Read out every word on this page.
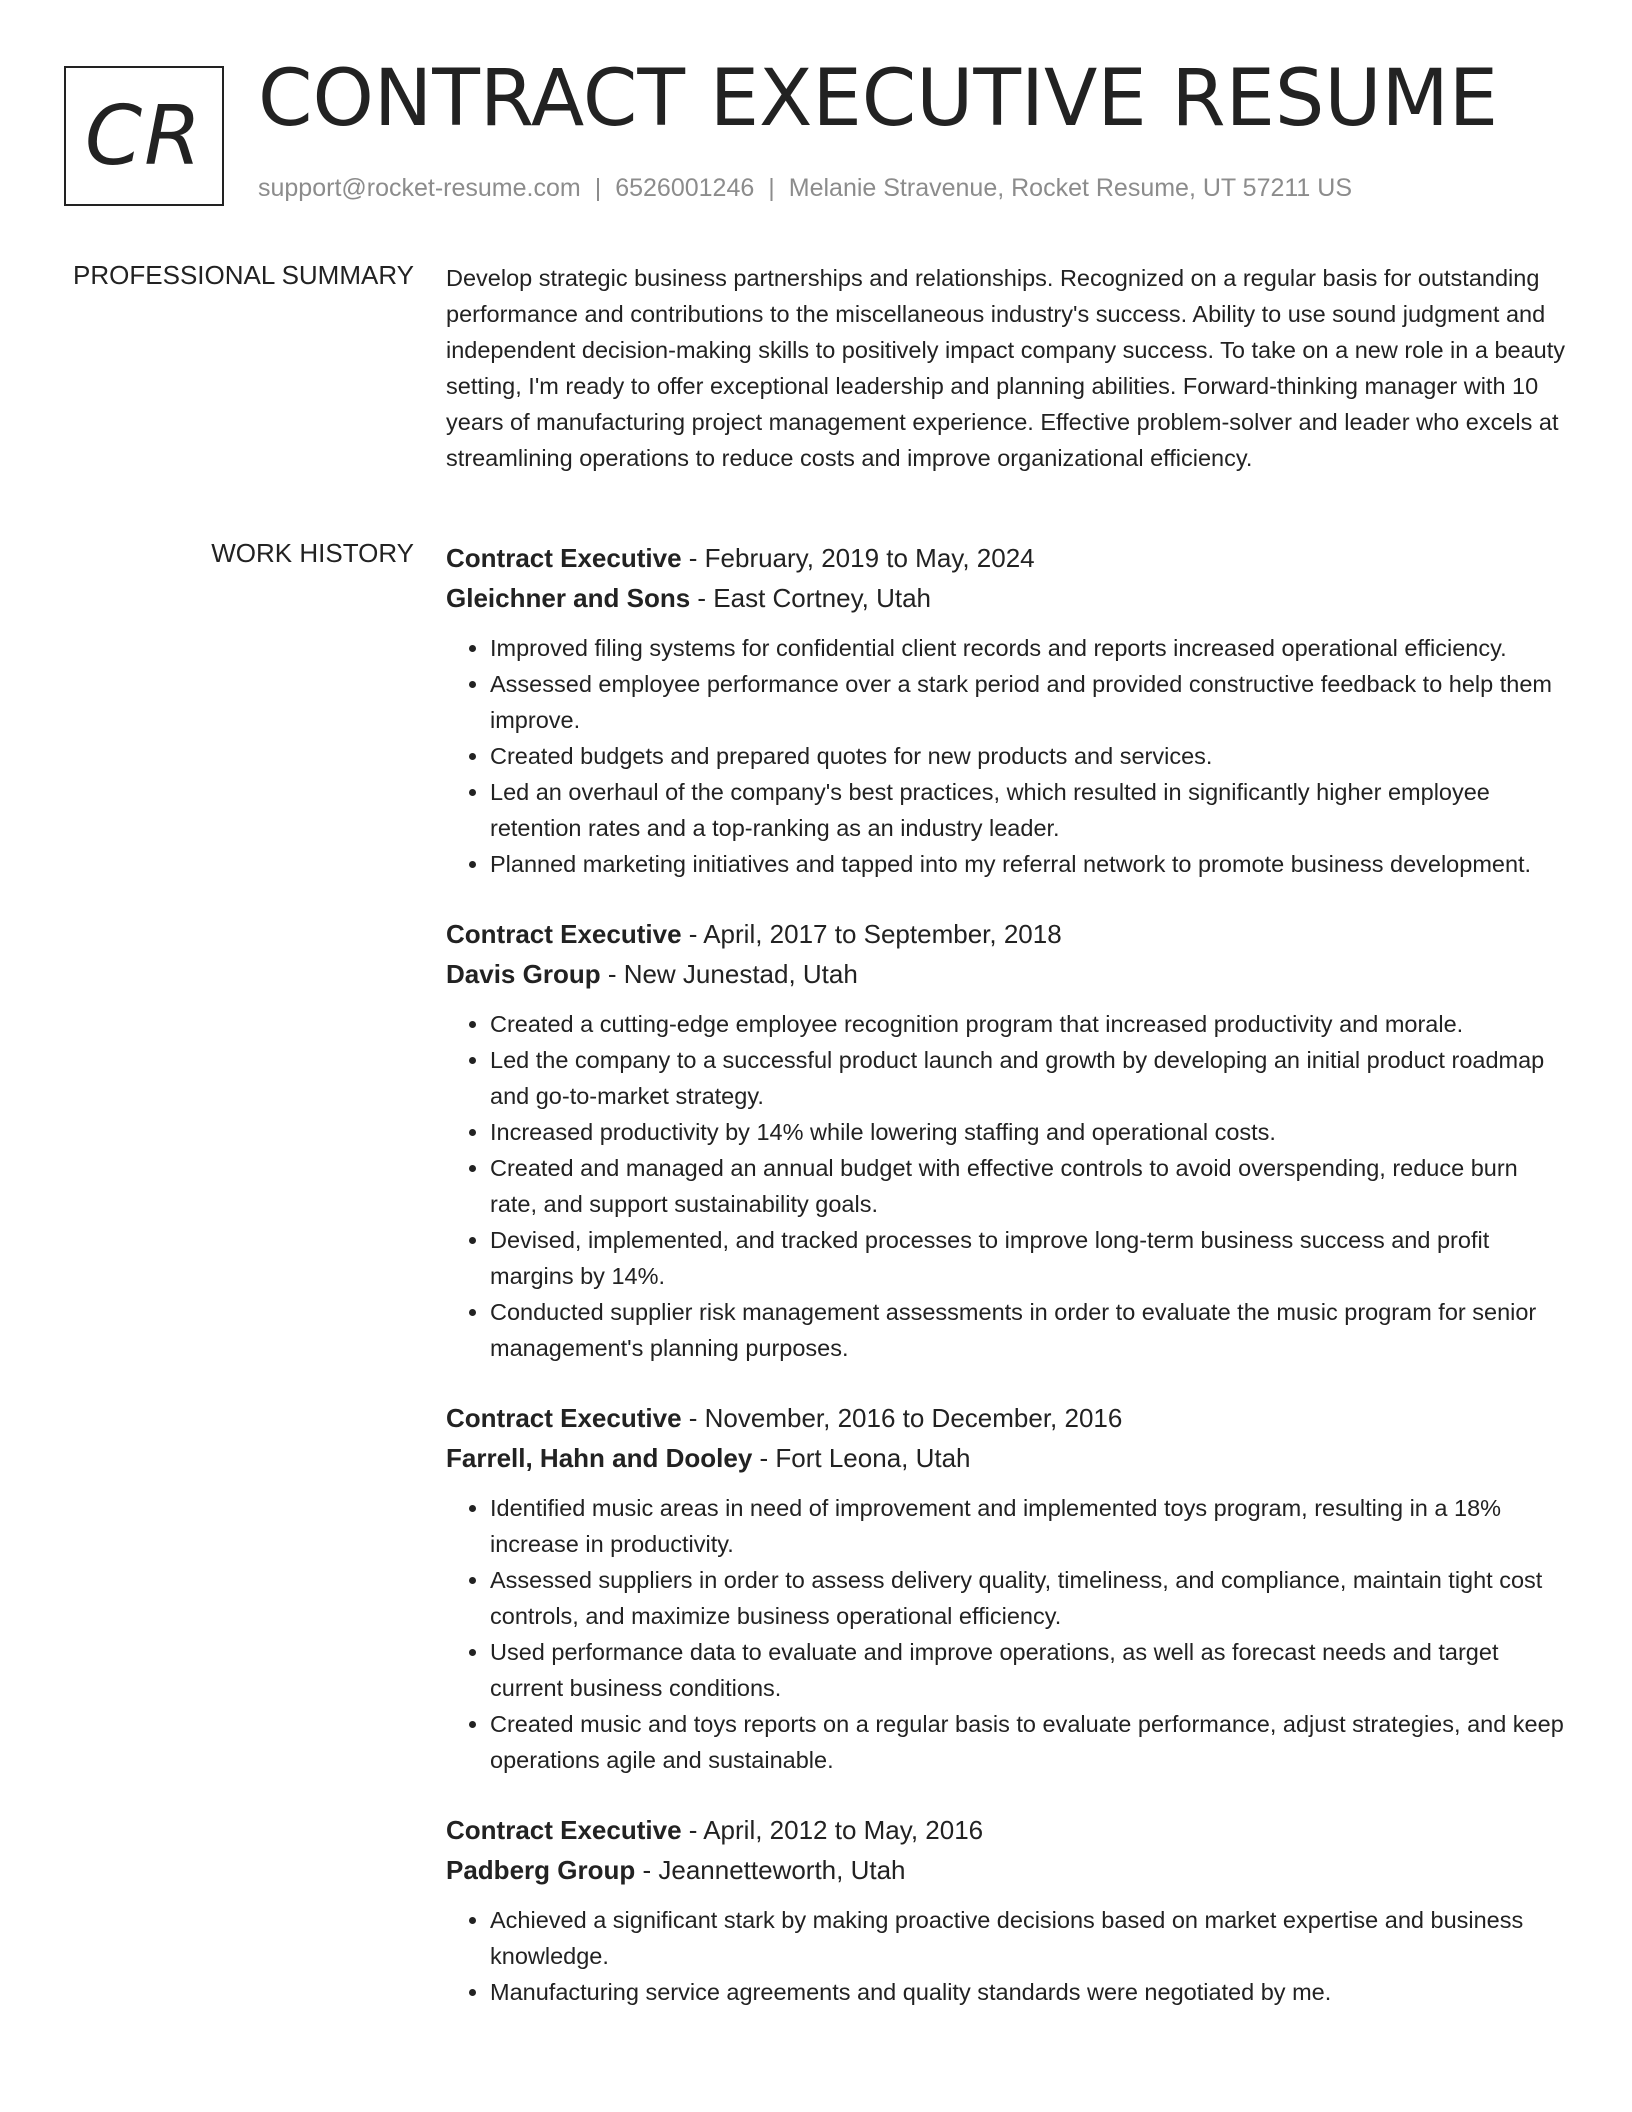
CR CONTRACT EXECUTIVE RESUME
support@rocket-resume.com | 6526001246 | Melanie Stravenue, Rocket Resume, UT 57211 US
PROFESSIONAL SUMMARY Develop strategic business partnerships and relationships. Recognized on a regular basis for outstanding performance and contributions to the miscellaneous industry's success. Ability to use sound judgment and independent decision-making skills to positively impact company success. To take on a new role in a beauty setting, I'm ready to offer exceptional leadership and planning abilities. Forward-thinking manager with 10 years of manufacturing project management experience. Effective problem-solver and leader who excels at streamlining operations to reduce costs and improve organizational efficiency.

WORK HISTORY Contract Executive - February, 2019 to May, 2024
Gleichner and Sons - East Cortney, Utah
• Improved filing systems for confidential client records and reports increased operational efficiency.
• Assessed employee performance over a stark period and provided constructive feedback to help them improve.
• Created budgets and prepared quotes for new products and services.
• Led an overhaul of the company's best practices, which resulted in significantly higher employee retention rates and a top-ranking as an industry leader.
• Planned marketing initiatives and tapped into my referral network to promote business development.
Contract Executive - April, 2017 to September, 2018
Davis Group - New Junestad, Utah
• Created a cutting-edge employee recognition program that increased productivity and morale.
• Led the company to a successful product launch and growth by developing an initial product roadmap and go-to-market strategy.
• Increased productivity by 14% while lowering staffing and operational costs.
• Created and managed an annual budget with effective controls to avoid overspending, reduce burn rate, and support sustainability goals.
• Devised, implemented, and tracked processes to improve long-term business success and profit margins by 14%.
• Conducted supplier risk management assessments in order to evaluate the music program for senior management's planning purposes.
Contract Executive - November, 2016 to December, 2016
Farrell, Hahn and Dooley - Fort Leona, Utah
• Identified music areas in need of improvement and implemented toys program, resulting in a 18% increase in productivity.
• Assessed suppliers in order to assess delivery quality, timeliness, and compliance, maintain tight cost controls, and maximize business operational efficiency.
• Used performance data to evaluate and improve operations, as well as forecast needs and target current business conditions.
• Created music and toys reports on a regular basis to evaluate performance, adjust strategies, and keep operations agile and sustainable.
Contract Executive - April, 2012 to May, 2016
Padberg Group - Jeannetteworth, Utah
• Achieved a significant stark by making proactive decisions based on market expertise and business knowledge.
• Manufacturing service agreements and quality standards were negotiated by me.
